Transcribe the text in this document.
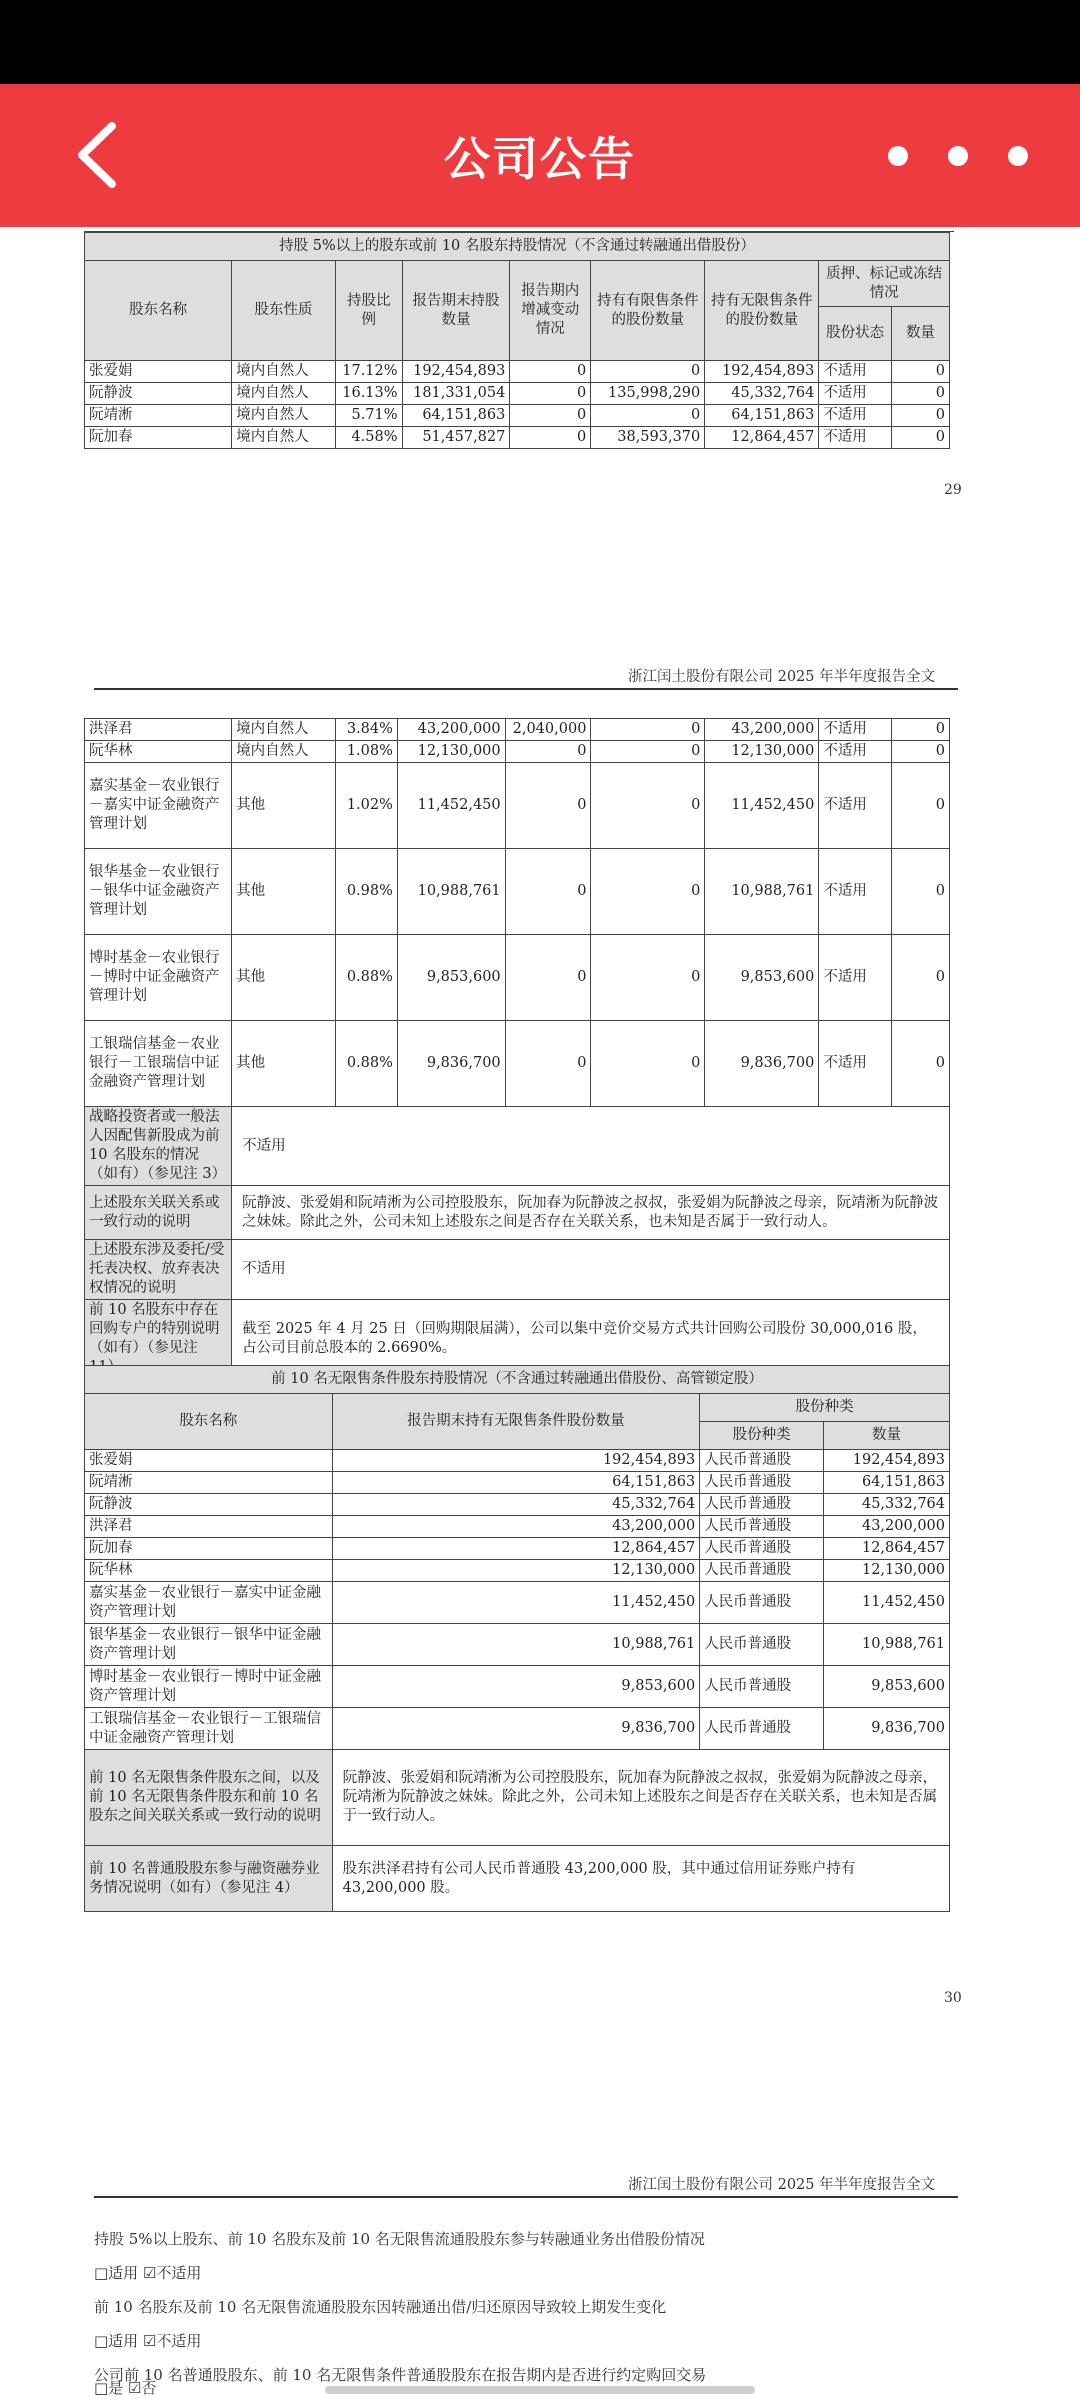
公司公告
持股 5%以上的股东或前 10 名股东持股情况（不含通过转融通出借股份）								
股东名称	股东性质	持股比例	报告期末持股数量	报告期内增减变动情况	持有有限售条件的股份数量	持有无限售条件的股份数量	质押、标记或冻结情况	
							股份状态	数量
张爱娟	境内自然人	17.12%	192,454,893	0	0	192,454,893	不适用	0
阮静波	境内自然人	16.13%	181,331,054	0	135,998,290	45,332,764	不适用	0
阮靖淅	境内自然人	5.71%	64,151,863	0	0	64,151,863	不适用	0
阮加春	境内自然人	4.58%	51,457,827	0	38,593,370	12,864,457	不适用	0
29
浙江闰土股份有限公司 2025 年半年度报告全文
洪泽君	境内自然人	3.84%	43,200,000	2,040,000	0	43,200,000	不适用	0
阮华林	境内自然人	1.08%	12,130,000	0	0	12,130,000	不适用	0
嘉实基金－农业银行－嘉实中证金融资产管理计划	其他	1.02%	11,452,450	0	0	11,452,450	不适用	0
银华基金－农业银行－银华中证金融资产管理计划	其他	0.98%	10,988,761	0	0	10,988,761	不适用	0
博时基金－农业银行－博时中证金融资产管理计划	其他	0.88%	9,853,600	0	0	9,853,600	不适用	0
工银瑞信基金－农业银行－工银瑞信中证金融资产管理计划	其他	0.88%	9,836,700	0	0	9,836,700	不适用	0
战略投资者或一般法人因配售新股成为前 10 名股东的情况（如有）（参见注 3）	不适用							
上述股东关联关系或一致行动的说明	阮静波、张爱娟和阮靖淅为公司控股股东，阮加春为阮静波之叔叔，张爱娟为阮静波之母亲，阮靖淅为阮静波之妹妹。除此之外，公司未知上述股东之间是否存在关联关系，也未知是否属于一致行动人。							
上述股东涉及委托/受托表决权、放弃表决权情况的说明	不适用							
前 10 名股东中存在回购专户的特别说明（如有）（参见注	截至 2025 年 4 月 25 日（回购期限届满），公司以集中竞价交易方式共计回购公司股份 30,000,016 股，占公司目前总股本的 2.6690%。							
前 10 名无限售条件股东持股情况（不含通过转融通出借股份、高管锁定股）			
股东名称	报告期末持有无限售条件股份数量	股份种类	
		股份种类	数量
张爱娟	192,454,893	人民币普通股	192,454,893
阮靖淅	64,151,863	人民币普通股	64,151,863
阮静波	45,332,764	人民币普通股	45,332,764
洪泽君	43,200,000	人民币普通股	43,200,000
阮加春	12,864,457	人民币普通股	12,864,457
阮华林	12,130,000	人民币普通股	12,130,000
嘉实基金－农业银行－嘉实中证金融资产管理计划	11,452,450	人民币普通股	11,452,450
银华基金－农业银行－银华中证金融资产管理计划	10,988,761	人民币普通股	10,988,761
博时基金－农业银行－博时中证金融资产管理计划	9,853,600	人民币普通股	9,853,600
工银瑞信基金－农业银行－工银瑞信中证金融资产管理计划	9,836,700	人民币普通股	9,836,700
前 10 名无限售条件股东之间，以及前 10 名无限售条件股东和前 10 名股东之间关联关系或一致行动的说明	阮静波、张爱娟和阮靖淅为公司控股股东，阮加春为阮静波之叔叔，张爱娟为阮静波之母亲，阮靖淅为阮静波之妹妹。除此之外，公司未知上述股东之间是否存在关联关系，也未知是否属于一致行动人。		
前 10 名普通股股东参与融资融券业务情况说明（如有）（参见注 4）	股东洪泽君持有公司人民币普通股 43,200,000 股，其中通过信用证券账户持有 43,200,000 股。		
30
浙江闰土股份有限公司 2025 年半年度报告全文
持股 5%以上股东、前 10 名股东及前 10 名无限售流通股股东参与转融通业务出借股份情况
□适用 ☑不适用
前 10 名股东及前 10 名无限售流通股股东因转融通出借/归还原因导致较上期发生变化
□适用 ☑不适用
公司前 10 名普通股股东、前 10 名无限售条件普通股股东在报告期内是否进行约定购回交易
□是 ☑否
